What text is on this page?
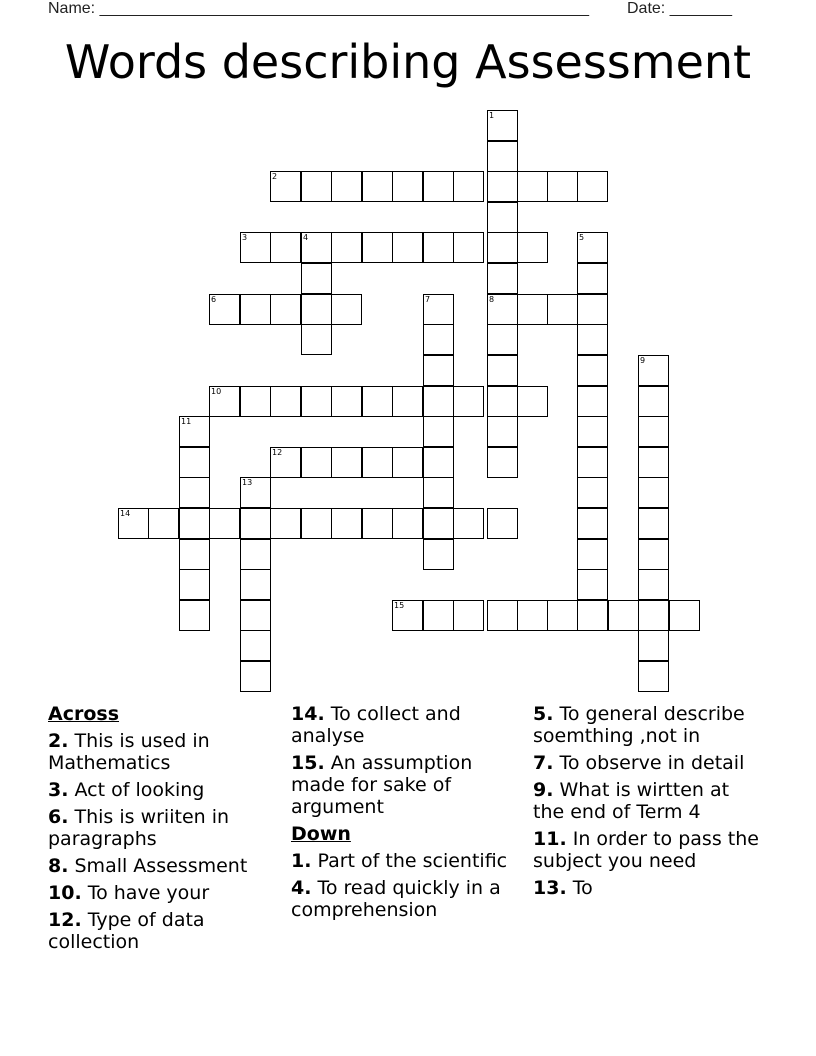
Name: _______________________________________________________ Date: _______
Words describing Assessment
1
2
3	4	5
6	7	8
9
10
11
12
13
14
15
Across
2. This is used in Mathematics
3. Act of looking
6. This is wriiten in paragraphs
8. Small Assessment
10. To have your
12. Type of data collection
14. To collect and analyse
15. An assumption made for sake of argument
Down
1. Part of the scientific
4. To read quickly in a comprehension
5. To general describe soemthing ,not in
7. To observe in detail
9. What is wirtten at the end of Term 4
11. In order to pass the subject you need
13. To
